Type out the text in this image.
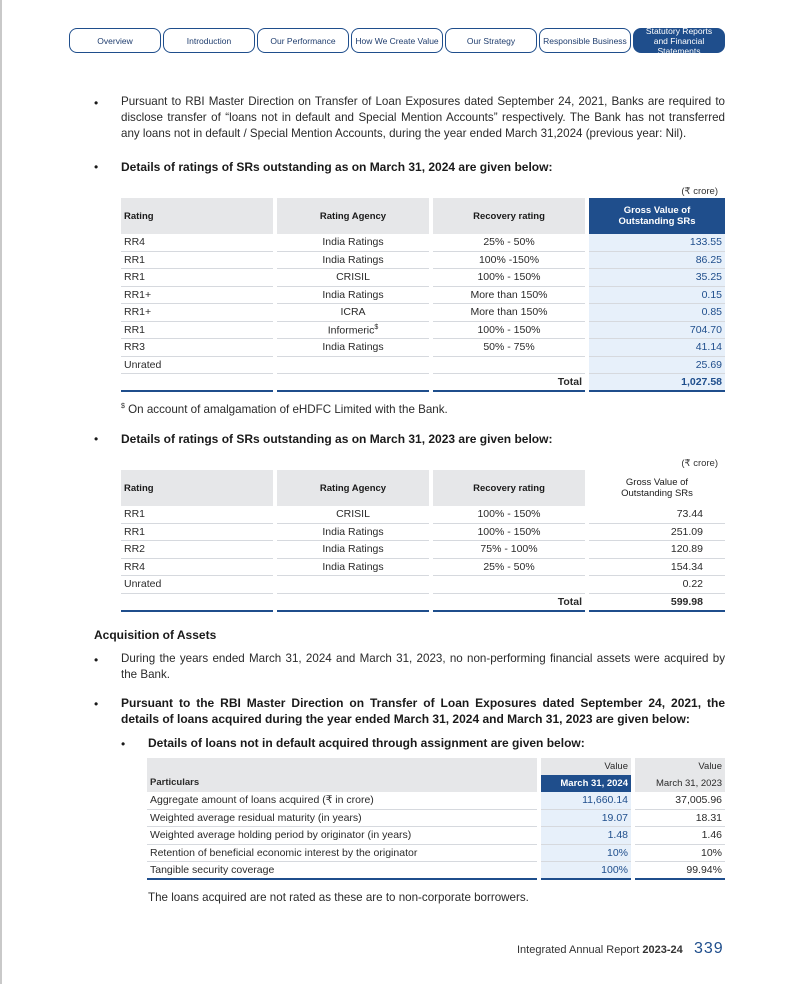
Overview	Introduction	Our Performance	How We Create Value	Our Strategy	Responsible Business
Statutory Reports and Financial Statements
• Pursuant to RBI Master Direction on Transfer of Loan Exposures dated September 24, 2021, Banks are required to disclose transfer of “loans not in default and Special Mention Accounts” respectively. The Bank has not transferred any loans not in default / Special Mention Accounts, during the year ended March 31,2024 (previous year: Nil).
• Details of ratings of SRs outstanding as on March 31, 2024 are given below:
(₹ crore)
Rating	Rating Agency	Recovery rating	Gross Value of Outstanding SRs
RR4	India Ratings	25% - 50%	133.55
RR1	India Ratings	100% -150%	86.25
RR1	CRISIL	100% - 150%	35.25
RR1+	India Ratings	More than 150%	0.15
RR1+	ICRA	More than 150%	0.85
RR1	Informeric$	100% - 150%	704.70
RR3	India Ratings	50% - 75%	41.14
Unrated			25.69
		Total	1,027.58
$ On account of amalgamation of eHDFC Limited with the Bank.
• Details of ratings of SRs outstanding as on March 31, 2023 are given below:
(₹ crore)
Rating	Rating Agency	Recovery rating	Gross Value of Outstanding SRs
RR1	CRISIL	100% - 150%	73.44
RR1	India Ratings	100% - 150%	251.09
RR2	India Ratings	75% - 100%	120.89
RR4	India Ratings	25% - 50%	154.34
Unrated			0.22
		Total	599.98
Acquisition of Assets
• During the years ended March 31, 2024 and March 31, 2023, no non-performing financial assets were acquired by the Bank.
• Pursuant to the RBI Master Direction on Transfer of Loan Exposures dated September 24, 2021, the details of loans acquired during the year ended March 31, 2024 and March 31, 2023 are given below:
• Details of loans not in default acquired through assignment are given below:
Particulars	Value	Value
	March 31, 2024	March 31, 2023
Aggregate amount of loans acquired (₹ in crore)	11,660.14	37,005.96
Weighted average residual maturity (in years)	19.07	18.31
Weighted average holding period by originator (in years)	1.48	1.46
Retention of beneficial economic interest by the originator	10%	10%
Tangible security coverage	100%	99.94%
The loans acquired are not rated as these are to non-corporate borrowers.
Integrated Annual Report 2023-24 339
